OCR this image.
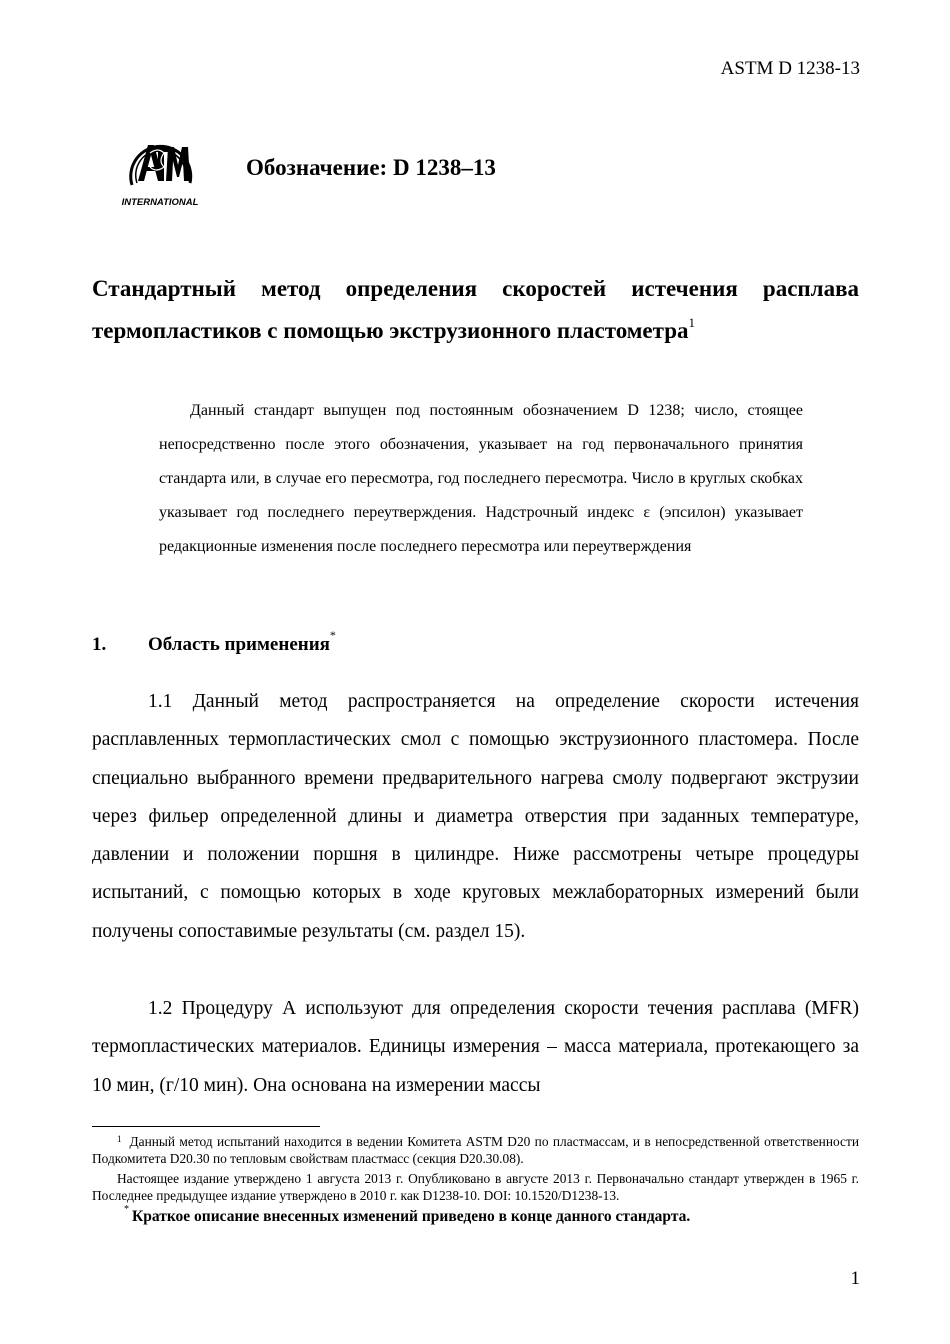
ASTM D 1238-13
INTERNATIONAL
Обозначение: D 1238–13
Стандартный метод определения скоростей истечения расплава термопластиков с помощью экструзионного пластометра$^1$
Данный стандарт выпущен под постоянным обозначением D 1238; число, стоящее непосредственно после этого обозначения, указывает на год первоначального принятия стандарта или, в случае его пересмотра, год последнего пересмотра. Число в круглых скобках указывает год последнего переутверждения. Надстрочный индекс ε (эпсилон) указывает редакционные изменения после последнего пересмотра или переутверждения
1. Область применения*

1.1 Данный метод распространяется на определение скорости истечения расплавленных термопластических смол с помощью экструзионного пластомера. После специально выбранного времени предварительного нагрева смолу подвергают экструзии через фильер определенной длины и диаметра отверстия при заданных температуре, давлении и положении поршня в цилиндре. Ниже рассмотрены четыре процедуры испытаний, с помощью которых в ходе круговых межлабораторных измерений были получены сопоставимые результаты (см. раздел 15).

1.2 Процедуру А используют для определения скорости течения расплава (MFR) термопластических материалов. Единицы измерения – масса материала, протекающего за 10 мин, (г/10 мин). Она основана на измерении массы

$^1$ Данный метод испытаний находится в ведении Комитета ASTM D20 по пластмассам, и в непосредственной ответственности Подкомитета D20.30 по тепловым свойствам пластмасс (секция D20.30.08).

Настоящее издание утверждено 1 августа 2013 г. Опубликовано в августе 2013 г. Первоначально стандарт утвержден в 1965 г. Последнее предыдущее издание утверждено в 2010 г. как D1238-10. DOI: 10.1520/D1238-13.

* Краткое описание внесенных изменений приведено в конце данного стандарта.
1
